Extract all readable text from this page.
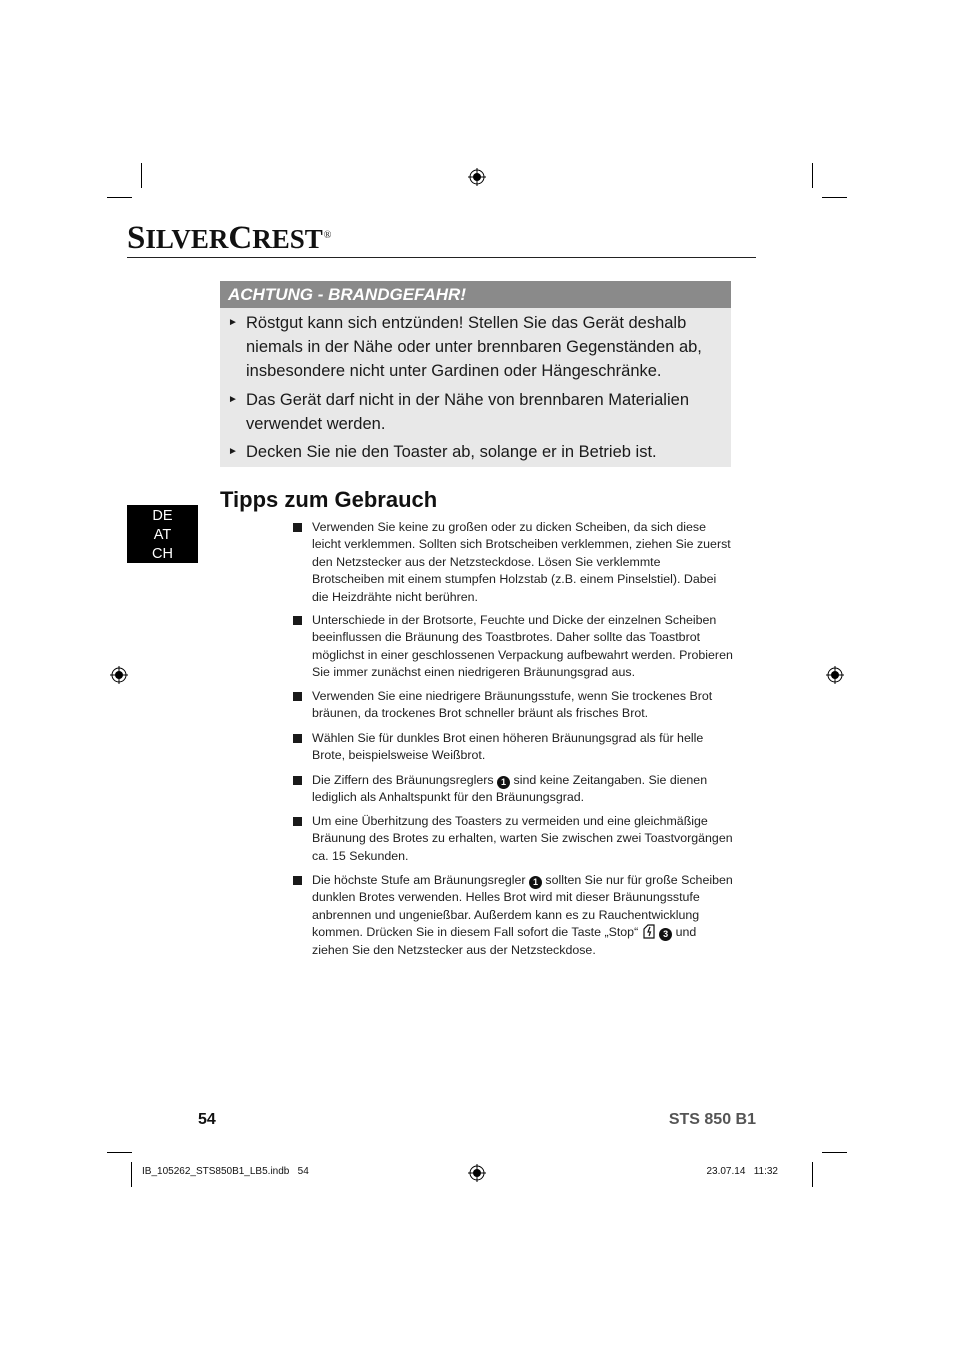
SILVERCREST®
ACHTUNG - BRANDGEFAHR!
► Röstgut kann sich entzünden! Stellen Sie das Gerät deshalb niemals in der Nähe oder unter brennbaren Gegenständen ab, insbesondere nicht unter Gardinen oder Hängeschränke.
► Das Gerät darf nicht in der Nähe von brennbaren Materialien verwendet werden.
► Decken Sie nie den Toaster ab, solange er in Betrieb ist.
DE
AT
CH
Tipps zum Gebrauch
Verwenden Sie keine zu großen oder zu dicken Scheiben, da sich diese leicht verklemmen. Sollten sich Brotscheiben verklemmen, ziehen Sie zuerst den Netzstecker aus der Netzsteckdose. Lösen Sie verklemmte Brotscheiben mit einem stumpfen Holzstab (z.B. einem Pinselstiel). Dabei die Heizdrähte nicht berühren.
Unterschiede in der Brotsorte, Feuchte und Dicke der einzelnen Scheiben beeinflussen die Bräunung des Toastbrotes. Daher sollte das Toastbrot möglichst in einer geschlossenen Verpackung aufbewahrt werden. Probieren Sie immer zunächst einen niedrigeren Bräunungsgrad aus.
Verwenden Sie eine niedrigere Bräunungsstufe, wenn Sie trockenes Brot bräunen, da trockenes Brot schneller bräunt als frisches Brot.
Wählen Sie für dunkles Brot einen höheren Bräunungsgrad als für helle Brote, beispielsweise Weißbrot.
Die Ziffern des Bräunungsreglers 1 sind keine Zeitangaben. Sie dienen lediglich als Anhaltspunkt für den Bräunungsgrad.
Um eine Überhitzung des Toasters zu vermeiden und eine gleichmäßige Bräunung des Brotes zu erhalten, warten Sie zwischen zwei Toastvorgängen ca. 15 Sekunden.
Die höchste Stufe am Bräunungsregler 1 sollten Sie nur für große Scheiben dunklen Brotes verwenden. Helles Brot wird mit dieser Bräunungsstufe anbrennen und ungenießbar. Außerdem kann es zu Rauchentwicklung kommen. Drücken Sie in diesem Fall sofort die Taste „Stop“	3 und ziehen Sie den Netzstecker aus der Netzsteckdose.
54	STS 850 B1
IB_105262_STS850B1_LB5.indb   54	23.07.14   11:32
